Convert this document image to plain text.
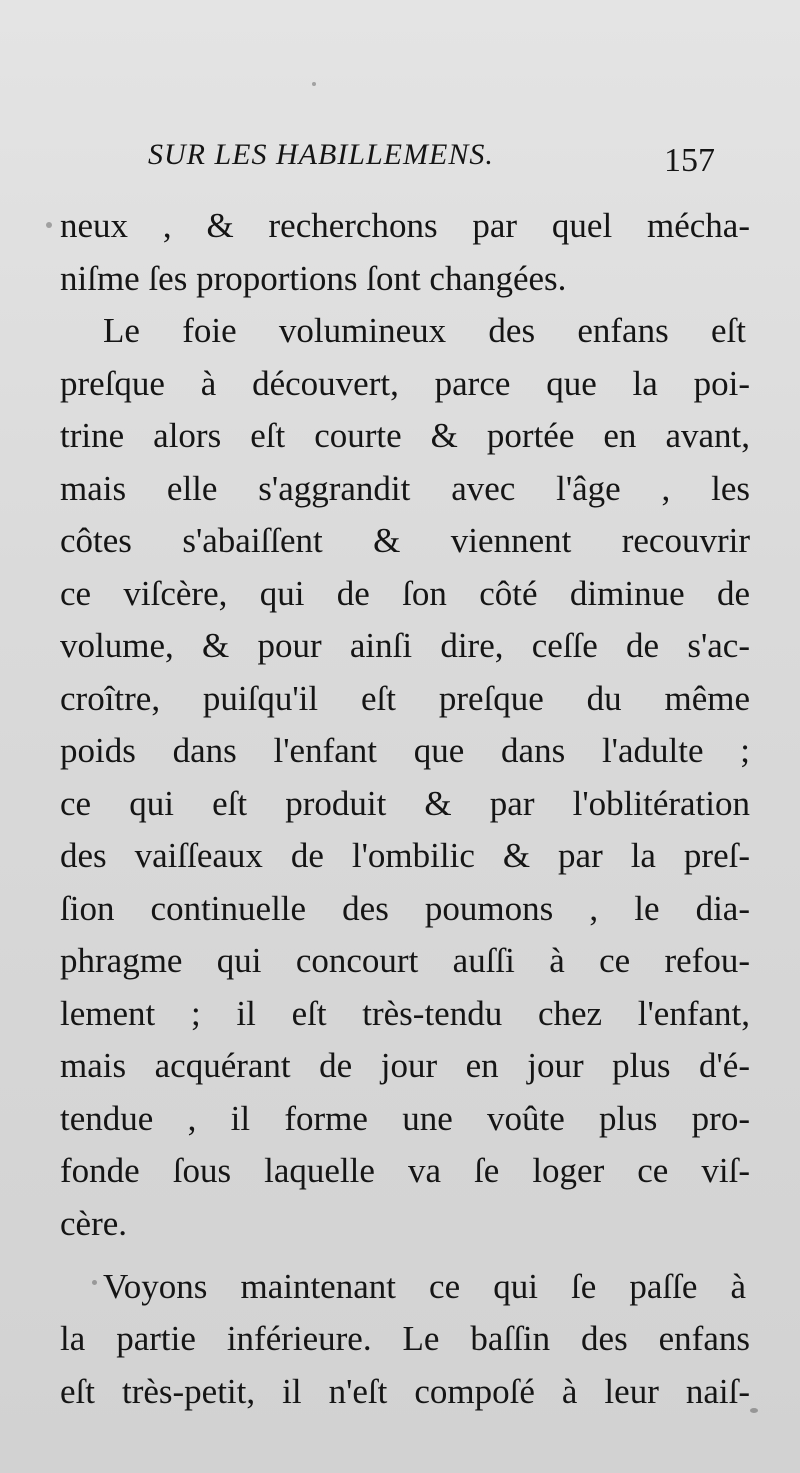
SUR LES HABILLEMENS.	157
neux , & recherchons par quel mécha-
niſme ſes proportions ſont changées.
Le foie volumineux des enfans eſt
preſque à découvert, parce que la poi-
trine alors eſt courte & portée en avant,
mais elle s'aggrandit avec l'âge , les
côtes s'abaiſſent & viennent recouvrir
ce viſcère, qui de ſon côté diminue de
volume, & pour ainſi dire, ceſſe de s'ac-
croître, puiſqu'il eſt preſque du même
poids dans l'enfant que dans l'adulte ;
ce qui eſt produit & par l'oblitération
des vaiſſeaux de l'ombilic & par la preſ-
ſion continuelle des poumons , le dia-
phragme qui concourt auſſi à ce refou-
lement ; il eſt très-tendu chez l'enfant,
mais acquérant de jour en jour plus d'é-
tendue , il forme une voûte plus pro-
fonde ſous laquelle va ſe loger ce viſ-
cère.
Voyons maintenant ce qui ſe paſſe à
la partie inférieure. Le baſſin des enfans
eſt très-petit, il n'eſt compoſé à leur naiſ-
